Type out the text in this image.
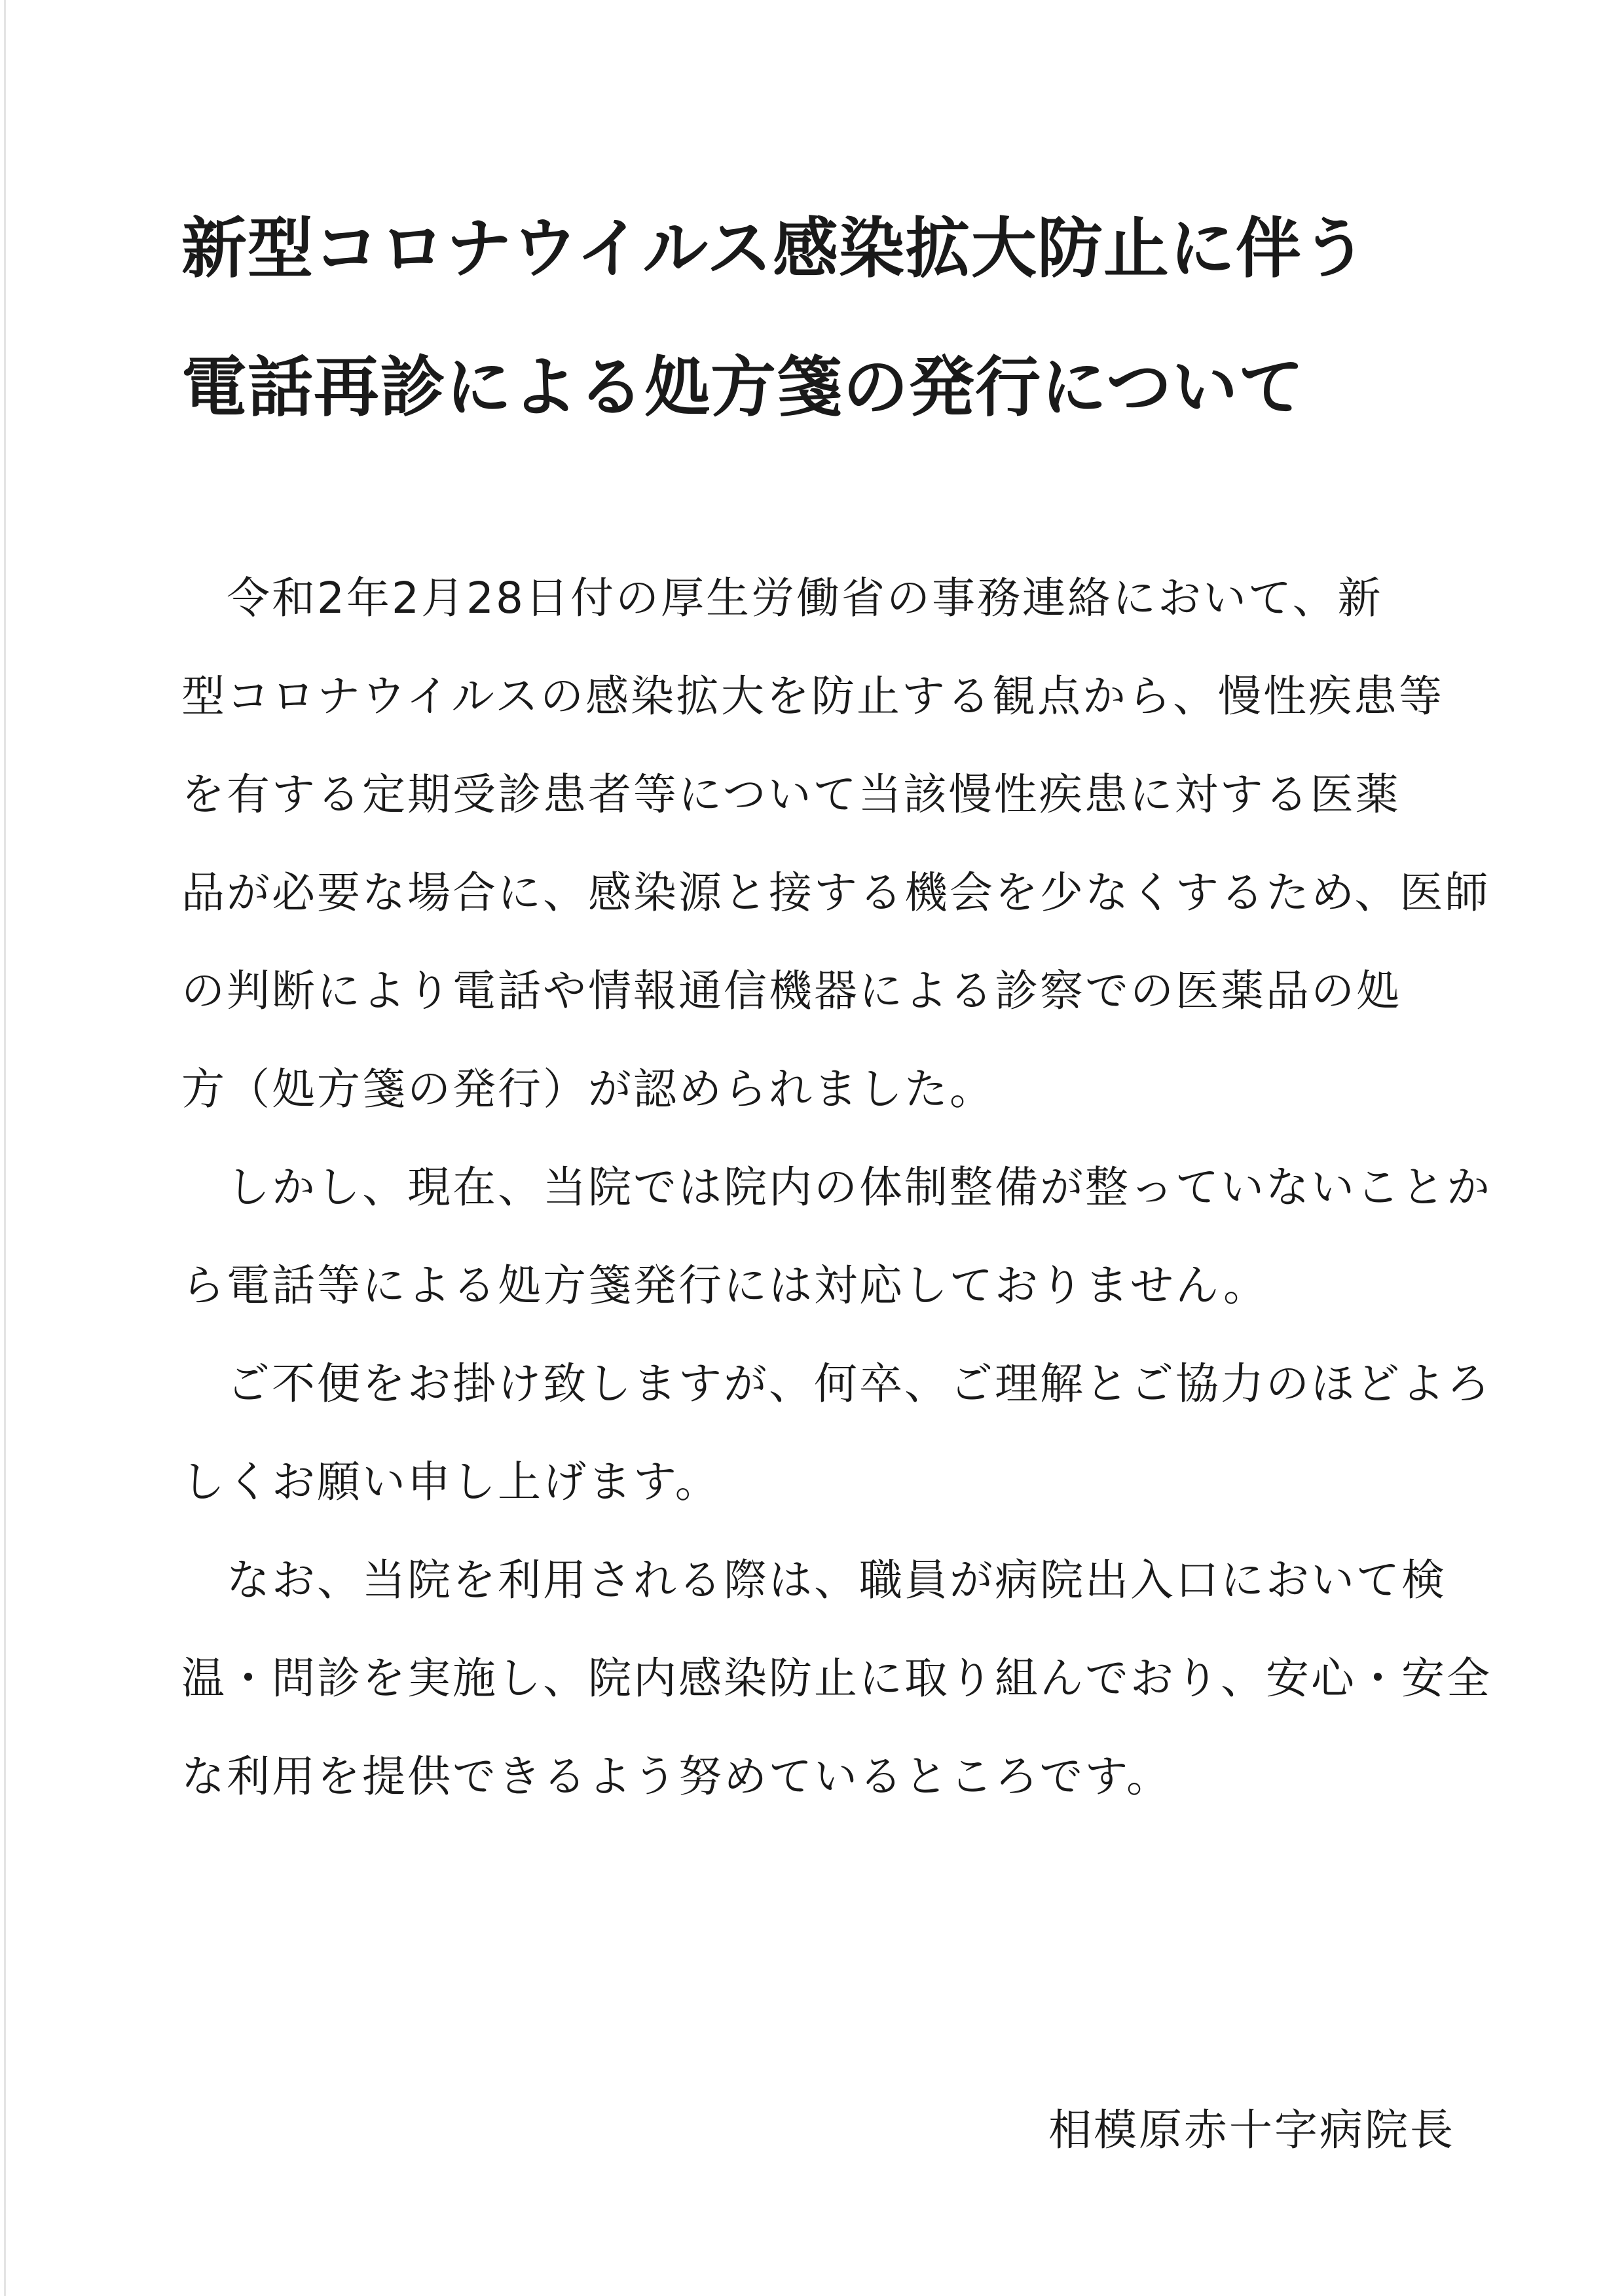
新型コロナウイルス感染拡大防止に伴う
電話再診による処方箋の発行について

　令和2年2月28日付の厚生労働省の事務連絡において、新

型コロナウイルスの感染拡大を防止する観点から、慢性疾患等

を有する定期受診患者等について当該慢性疾患に対する医薬

品が必要な場合に、感染源と接する機会を少なくするため、医師

の判断により電話や情報通信機器による診察での医薬品の処

方（処方箋の発行）が認められました。

　しかし、現在、当院では院内の体制整備が整っていないことか

ら電話等による処方箋発行には対応しておりません。

　ご不便をお掛け致しますが、何卒、ご理解とご協力のほどよろ

しくお願い申し上げます。

　なお、当院を利用される際は、職員が病院出入口において検

温・問診を実施し、院内感染防止に取り組んでおり、安心・安全

な利用を提供できるよう努めているところです。

相模原赤十字病院長
